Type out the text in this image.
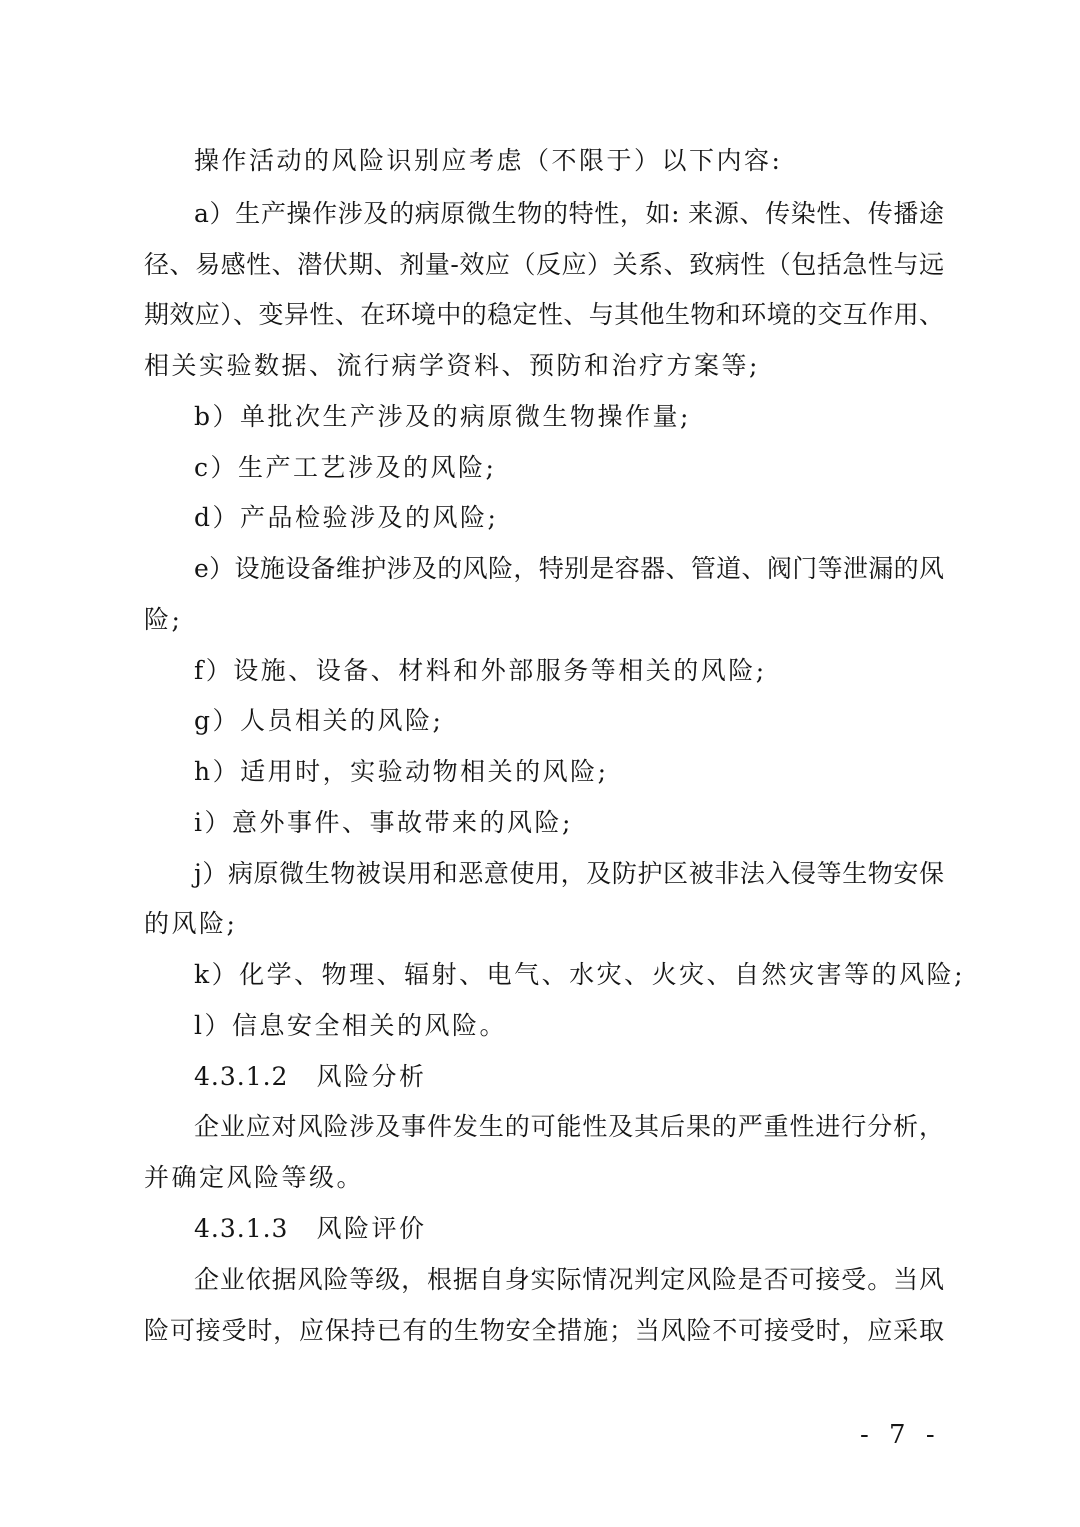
操作活动的风险识别应考虑（不限于）以下内容:
a）生产操作涉及的病原微生物的特性，如: 来源、传染性、传播途
径、易感性、潜伏期、剂量-效应（反应）关系、致病性（包括急性与远
期效应）、变异性、在环境中的稳定性、与其他生物和环境的交互作用、
相关实验数据、流行病学资料、预防和治疗方案等;
b）单批次生产涉及的病原微生物操作量;
c）生产工艺涉及的风险;
d）产品检验涉及的风险;
e）设施设备维护涉及的风险，特别是容器、管道、阀门等泄漏的风
险;
f）设施、设备、材料和外部服务等相关的风险;
g）人员相关的风险;
h）适用时，实验动物相关的风险;
i）意外事件、事故带来的风险;
j）病原微生物被误用和恶意使用，及防护区被非法入侵等生物安保
的风险;
k）化学、物理、辐射、电气、水灾、火灾、自然灾害等的风险;
l）信息安全相关的风险。
4.3.1.2 风险分析
企业应对风险涉及事件发生的可能性及其后果的严重性进行分析，
并确定风险等级。
4.3.1.3 风险评价
企业依据风险等级，根据自身实际情况判定风险是否可接受。当风
险可接受时，应保持已有的生物安全措施；当风险不可接受时，应采取
- 7 -
